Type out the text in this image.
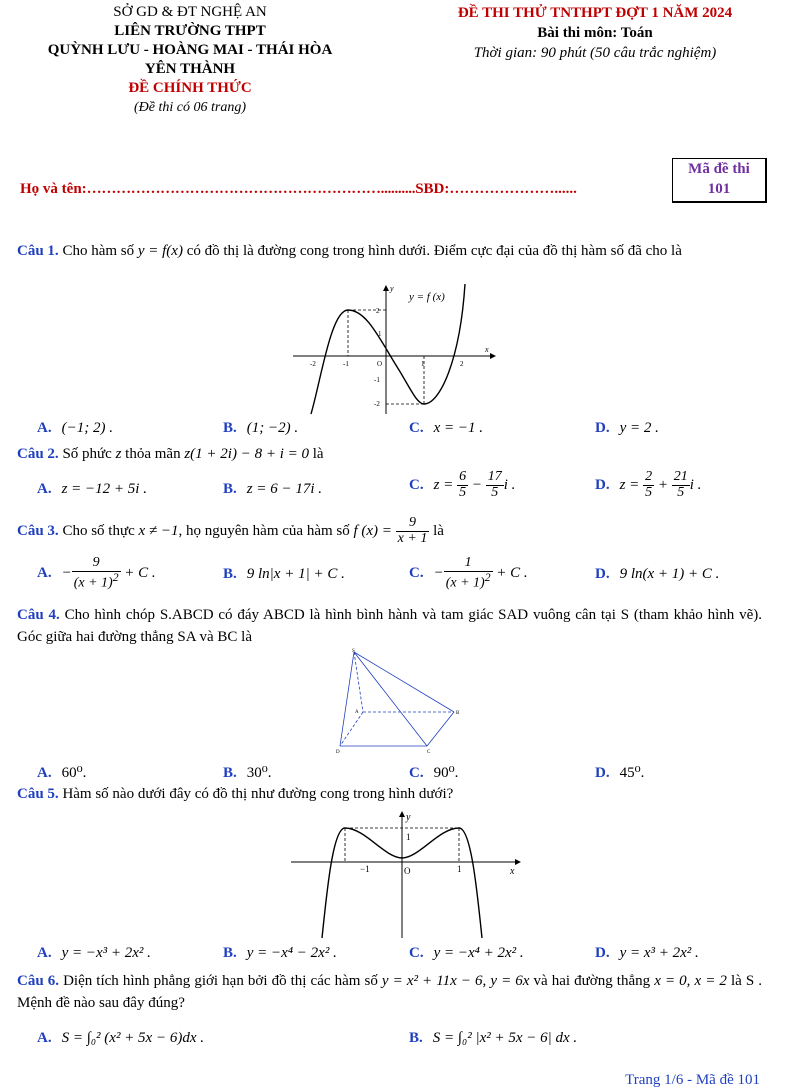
SỞ GD & ĐT NGHỆ AN
LIÊN TRƯỜNG THPT
QUỲNH LƯU - HOÀNG MAI - THÁI HÒA
YÊN THÀNH
ĐỀ CHÍNH THỨC
(Đề thi có 06 trang)
ĐỀ THI THỬ TNTHPT ĐỢT 1 NĂM 2024
Bài thi môn: Toán
Thời gian: 90 phút (50 câu trắc nghiệm)
Mã đề thi
101
Họ và tên:……………………………………………………..........SBD:…………………......
Câu 1. Cho hàm số y = f(x) có đồ thị là đường cong trong hình dưới. Điểm cực đại của đồ thị hàm số đã cho là
y = f (x)
y
x
2
1
-1
-2
-2	-1	O	1	2
A. (−1; 2) .	B. (1; −2) .	C. x = −1 .	D. y = 2 .
Câu 2. Số phức z thỏa mãn z(1 + 2i) − 8 + i = 0 là
A. z = −12 + 5i .	B. z = 6 − 17i .	C. $z = \frac{6}{5} - \frac{17}{5}$ i .	D. $z = \frac{2}{5} + \frac{21}{5}$ i .
Câu 3. Cho số thực x ≠ −1, họ nguyên hàm của hàm số f $(x) = \frac{9}{x + 1}$ là
A. − $\frac{9}{(x + 1)^2} + C$ .	B. 9 ln|x + 1| + C .	C. − $\frac{1}{(x + 1)^2} + C$ .	D. 9 ln(x + 1) + C .
Câu 4. Cho hình chóp S.ABCD có đáy ABCD là hình bình hành và tam giác SAD vuông cân tại S (tham khảo hình vẽ). Góc giữa hai đường thẳng SA và BC là
S
A	B
C
D
A. 60⁰.	B. 30⁰.	C. 90⁰.	D. 45⁰.
Câu 5. Hàm số nào dưới đây có đồ thị như đường cong trong hình dưới?
y
x
1
−1	O	1
A. y = −x³ + 2x² .	B. y = −x⁴ − 2x² .	C. y = −x⁴ + 2x² .	D. y = x³ + 2x² .
Câu 6. Diện tích hình phẳng giới hạn bởi đồ thị các hàm số y = x² + 11x − 6, y = 6x và hai đường thẳng x = 0, x = 2 là S . Mệnh đề nào sau đây đúng?
A. S = ∫₀² (x² + 5x − 6)dx .	B. S = ∫₀² |x² + 5x − 6| dx .
Trang 1/6 - Mã đề 101
